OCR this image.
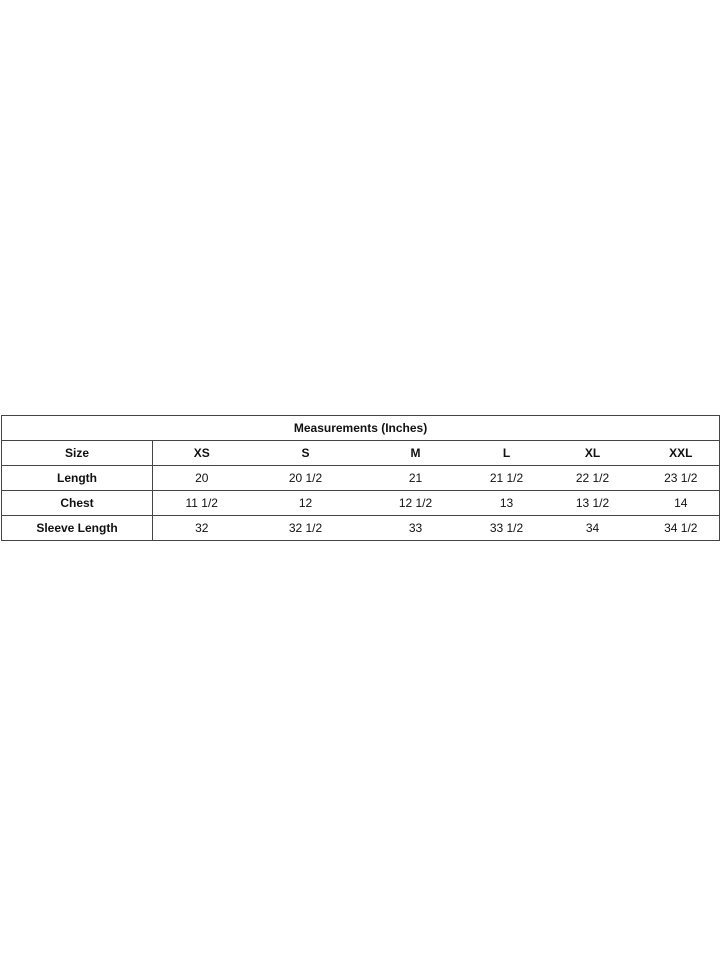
Measurements (Inches)						
Size	XS	S	M	L	XL	XXL
Length	20	20 1/2	21	21 1/2	22 1/2	23 1/2
Chest	11 1/2	12	12 1/2	13	13 1/2	14
Sleeve Length	32	32 1/2	33	33 1/2	34	34 1/2
